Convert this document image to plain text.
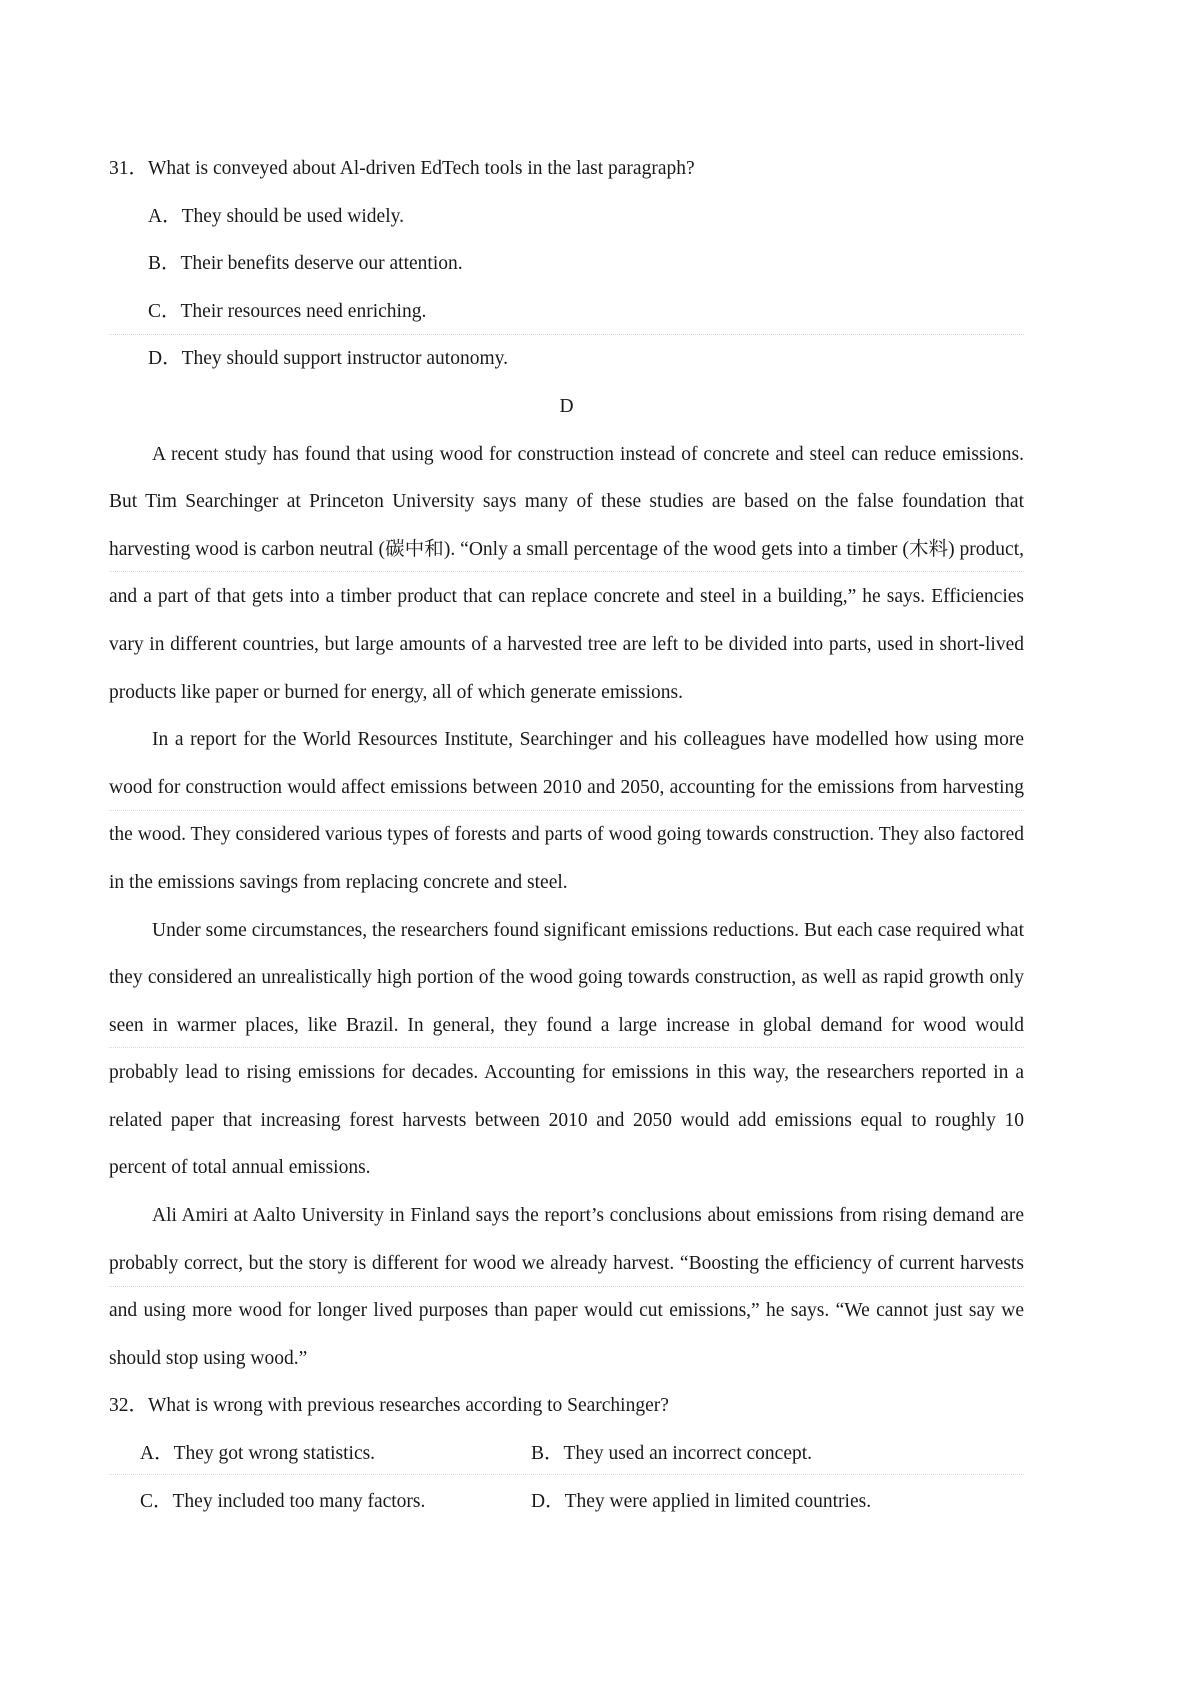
31．What is conveyed about Al-driven EdTech tools in the last paragraph?
A．They should be used widely.
B．Their benefits deserve our attention.
C．Their resources need enriching.
D．They should support instructor autonomy.
D

A recent study has found that using wood for construction instead of concrete and steel can reduce emissions. But Tim Searchinger at Princeton University says many of these studies are based on the false foundation that harvesting wood is carbon neutral (碳中和). “Only a small percentage of the wood gets into a timber (木料) product, and a part of that gets into a timber product that can replace concrete and steel in a building,” he says. Efficiencies vary in different countries, but large amounts of a harvested tree are left to be divided into parts, used in short-lived products like paper or burned for energy, all of which generate emissions.

In a report for the World Resources Institute, Searchinger and his colleagues have modelled how using more wood for construction would affect emissions between 2010 and 2050, accounting for the emissions from harvesting the wood. They considered various types of forests and parts of wood going towards construction. They also factored in the emissions savings from replacing concrete and steel.

Under some circumstances, the researchers found significant emissions reductions. But each case required what they considered an unrealistically high portion of the wood going towards construction, as well as rapid growth only seen in warmer places, like Brazil. In general, they found a large increase in global demand for wood would probably lead to rising emissions for decades. Accounting for emissions in this way, the researchers reported in a related paper that increasing forest harvests between 2010 and 2050 would add emissions equal to roughly 10 percent of total annual emissions.

Ali Amiri at Aalto University in Finland says the report’s conclusions about emissions from rising demand are probably correct, but the story is different for wood we already harvest. “Boosting the efficiency of current harvests and using more wood for longer lived purposes than paper would cut emissions,” he says. “We cannot just say we should stop using wood.”

32．What is wrong with previous researches according to Searchinger?
A．They got wrong statistics.	B．They used an incorrect concept.
C．They included too many factors.	D．They were applied in limited countries.
